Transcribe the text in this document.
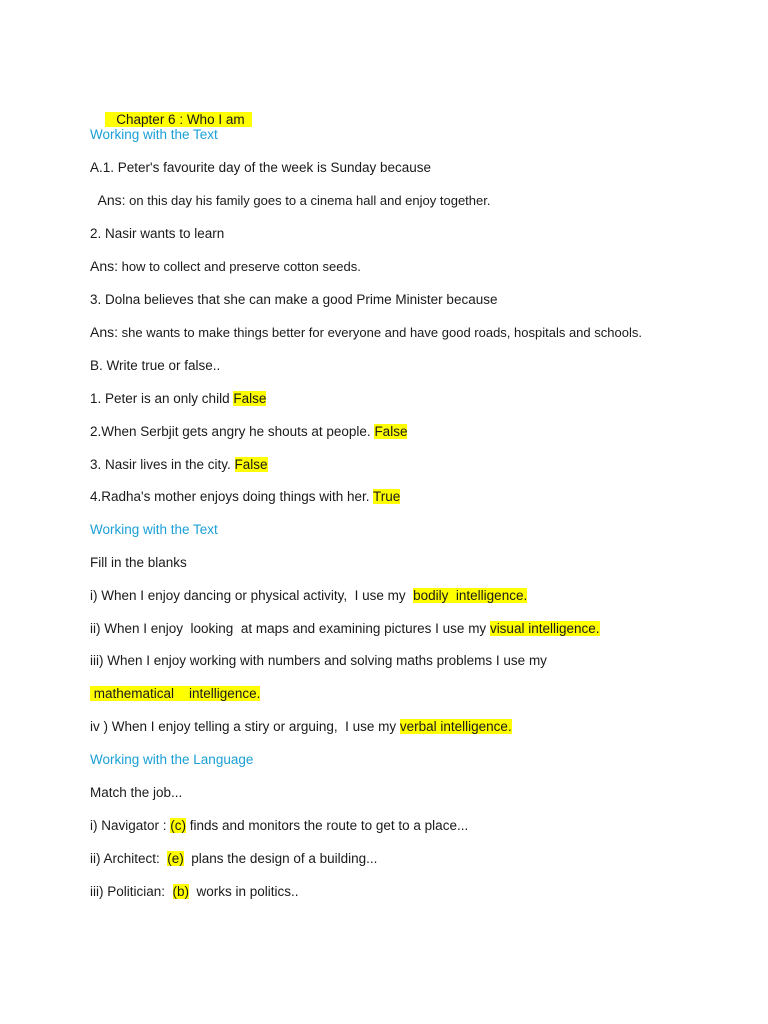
Chapter 6 : Who I am

Working with the Text
A.1. Peter's favourite day of the week is Sunday because
Ans: on this day his family goes to a cinema hall and enjoy together.
2. Nasir wants to learn
Ans: how to collect and preserve cotton seeds.
3. Dolna believes that she can make a good Prime Minister because
Ans: she wants to make things better for everyone and have good roads, hospitals and schools.
B. Write true or false..
1. Peter is an only child False
2.When Serbjit gets angry he shouts at people. False
3. Nasir lives in the city. False
4.Radha's mother enjoys doing things with her. True
Working with the Text
Fill in the blanks
i) When I enjoy dancing or physical activity,  I use my  bodily  intelligence.
ii) When I enjoy  looking  at maps and examining pictures I use my visual intelligence.
iii) When I enjoy working with numbers and solving maths problems I use my
mathematical    intelligence.
iv ) When I enjoy telling a stiry or arguing,  I use my verbal intelligence.
Working with the Language
Match the job...
i) Navigator : (c) finds and monitors the route to get to a place...
ii) Architect:  (e)  plans the design of a building...
iii) Politician:  (b)  works in politics..
